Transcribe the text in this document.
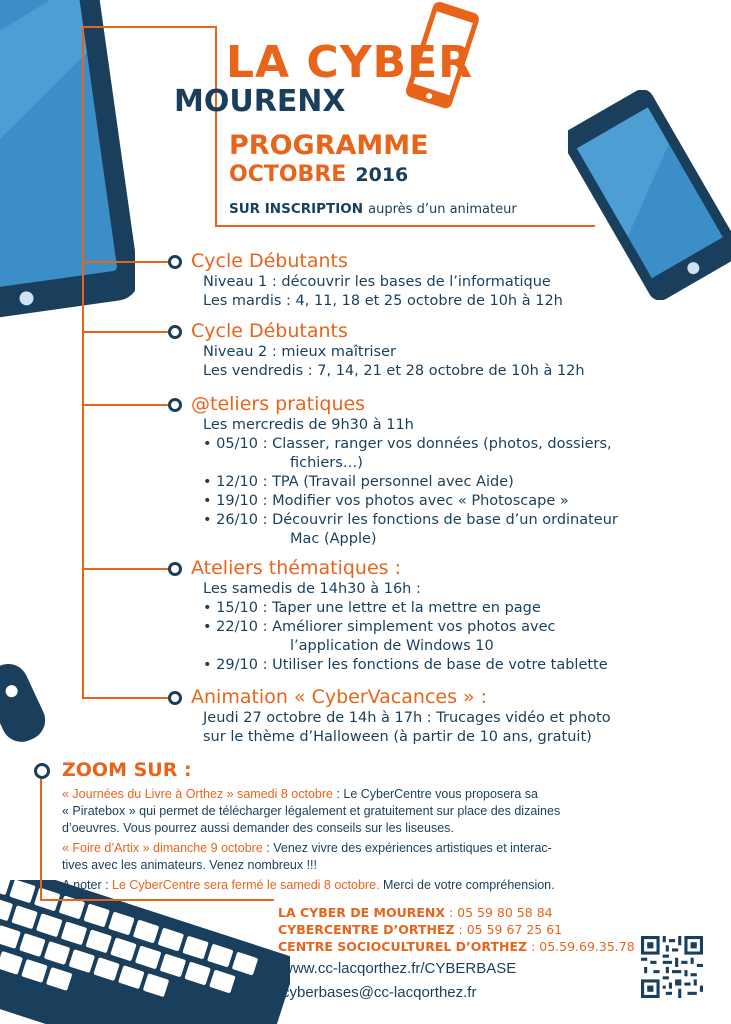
LA CYBER
MOURENX
PROGRAMME
OCTOBRE 2016
SUR INSCRIPTION auprès d’un animateur
Cycle Débutants
Niveau 1 : découvrir les bases de l’informatique
Les mardis : 4, 11, 18 et 25 octobre de 10h à 12h
Cycle Débutants
Niveau 2 : mieux maîtriser
Les vendredis : 7, 14, 21 et 28 octobre de 10h à 12h
@teliers pratiques
Les mercredis de 9h30 à 11h
• 05/10 : Classer, ranger vos données (photos, dossiers,
fichiers…)
• 12/10 : TPA (Travail personnel avec Aide)
• 19/10 : Modifier vos photos avec « Photoscape »
• 26/10 : Découvrir les fonctions de base d’un ordinateur
Mac (Apple)
Ateliers thématiques :
Les samedis de 14h30 à 16h :
• 15/10 : Taper une lettre et la mettre en page
• 22/10 : Améliorer simplement vos photos avec
l’application de Windows 10
• 29/10 : Utiliser les fonctions de base de votre tablette
Animation « CyberVacances » :
Jeudi 27 octobre de 14h à 17h : Trucages vidéo et photo
sur le thème d’Halloween (à partir de 10 ans, gratuit)
ZOOM SUR :
« Journées du Livre à Orthez » samedi 8 octobre : Le CyberCentre vous proposera sa
« Piratebox » qui permet de télécharger légalement et gratuitement sur place des dizaines
d’oeuvres. Vous pourrez aussi demander des conseils sur les liseuses.
« Foire d’Artix » dimanche 9 octobre : Venez vivre des expériences artistiques et interac-
tives avec les animateurs. Venez nombreux !!!
A noter : Le CyberCentre sera fermé le samedi 8 octobre. Merci de votre compréhension.
LA CYBER DE MOURENX : 05 59 80 58 84
CYBERCENTRE D’ORTHEZ : 05 59 67 25 61
CENTRE SOCIOCULTUREL D’ORTHEZ : 05.59.69.35.78
www.cc-lacqorthez.fr/CYBERBASE
cyberbases@cc-lacqorthez.fr
